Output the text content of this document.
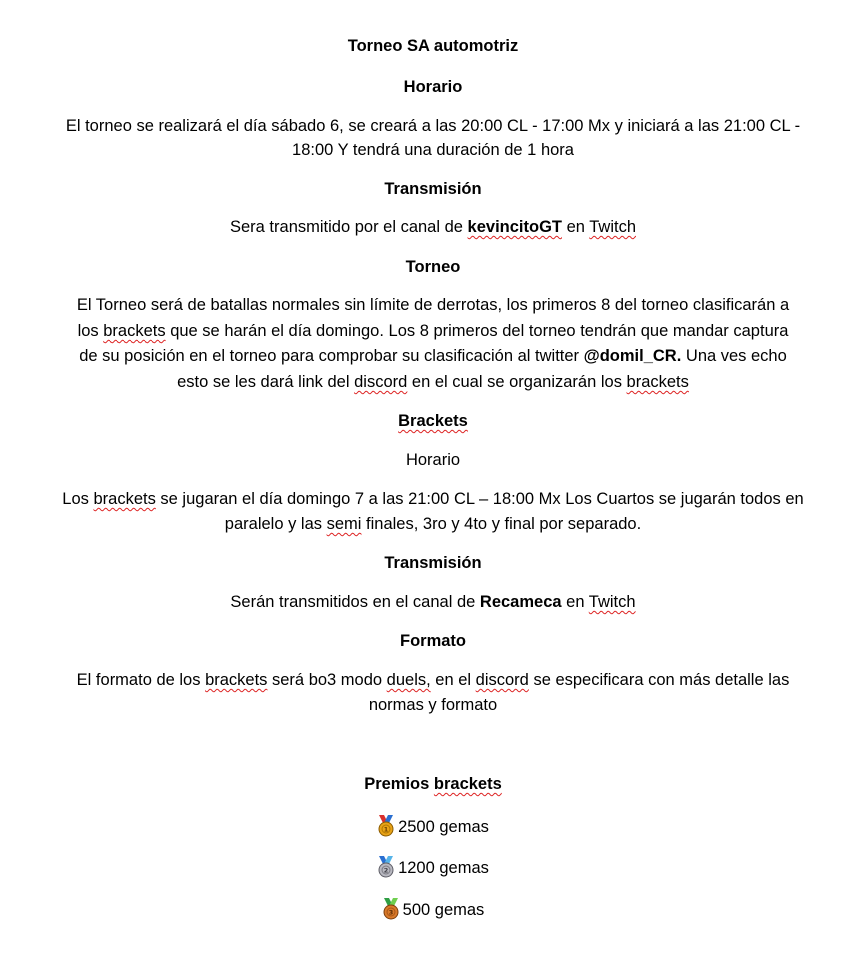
Torneo SA automotriz
Horario
El torneo se realizará el día sábado 6, se creará a las 20:00 CL - 17:00 Mx y iniciará a las 21:00 CL -
18:00 Y tendrá una duración de 1 hora
Transmisión
Sera transmitido por el canal de kevincitoGT en Twitch
Torneo
El Torneo será de batallas normales sin límite de derrotas, los primeros 8 del torneo clasificarán a
los brackets que se harán el día domingo. Los 8 primeros del torneo tendrán que mandar captura
de su posición en el torneo para comprobar su clasificación al twitter @domil_CR. Una ves echo
esto se les dará link del discord en el cual se organizarán los brackets
Brackets
Horario
Los brackets se jugaran el día domingo 7 a las 21:00 CL – 18:00 Mx Los Cuartos se jugarán todos en
paralelo y las semi finales, 3ro y 4to y final por separado.
Transmisión
Serán transmitidos en el canal de Recameca en Twitch
Formato
El formato de los brackets será bo3 modo duels, en el discord se especificara con más detalle las
normas y formato
Premios brackets
1 2500 gemas
2 1200 gemas
3 500 gemas
